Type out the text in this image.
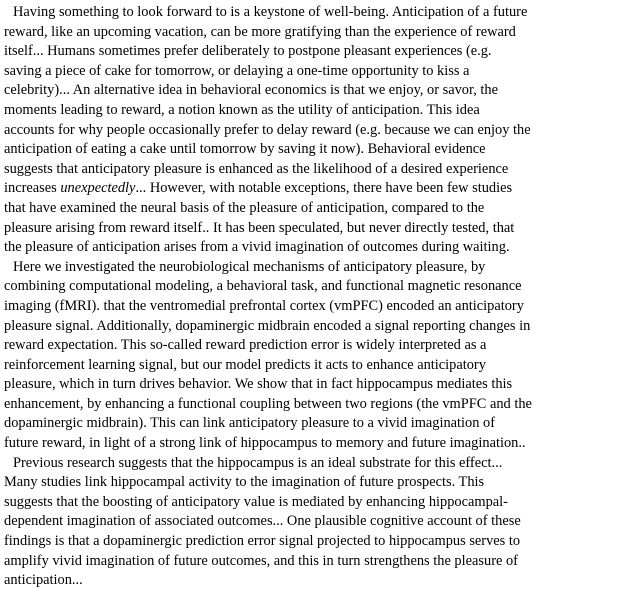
Having something to look forward to is a keystone of well-being. Anticipation of a future
reward, like an upcoming vacation, can be more gratifying than the experience of reward
itself... Humans sometimes prefer deliberately to postpone pleasant experiences (e.g.
saving a piece of cake for tomorrow, or delaying a one-time opportunity to kiss a
celebrity)... An alternative idea in behavioral economics is that we enjoy, or savor, the
moments leading to reward, a notion known as the utility of anticipation. This idea
accounts for why people occasionally prefer to delay reward (e.g. because we can enjoy the
anticipation of eating a cake until tomorrow by saving it now). Behavioral evidence
suggests that anticipatory pleasure is enhanced as the likelihood of a desired experience
increases unexpectedly... However, with notable exceptions, there have been few studies
that have examined the neural basis of the pleasure of anticipation, compared to the
pleasure arising from reward itself.. It has been speculated, but never directly tested, that
the pleasure of anticipation arises from a vivid imagination of outcomes during waiting.

Here we investigated the neurobiological mechanisms of anticipatory pleasure, by
combining computational modeling, a behavioral task, and functional magnetic resonance
imaging (fMRI). that the ventromedial prefrontal cortex (vmPFC) encoded an anticipatory
pleasure signal. Additionally, dopaminergic midbrain encoded a signal reporting changes in
reward expectation. This so-called reward prediction error is widely interpreted as a
reinforcement learning signal, but our model predicts it acts to enhance anticipatory
pleasure, which in turn drives behavior. We show that in fact hippocampus mediates this
enhancement, by enhancing a functional coupling between two regions (the vmPFC and the
dopaminergic midbrain). This can link anticipatory pleasure to a vivid imagination of
future reward, in light of a strong link of hippocampus to memory and future imagination..

Previous research suggests that the hippocampus is an ideal substrate for this effect...
Many studies link hippocampal activity to the imagination of future prospects. This
suggests that the boosting of anticipatory value is mediated by enhancing hippocampal-
dependent imagination of associated outcomes... One plausible cognitive account of these
findings is that a dopaminergic prediction error signal projected to hippocampus serves to
amplify vivid imagination of future outcomes, and this in turn strengthens the pleasure of
anticipation...
